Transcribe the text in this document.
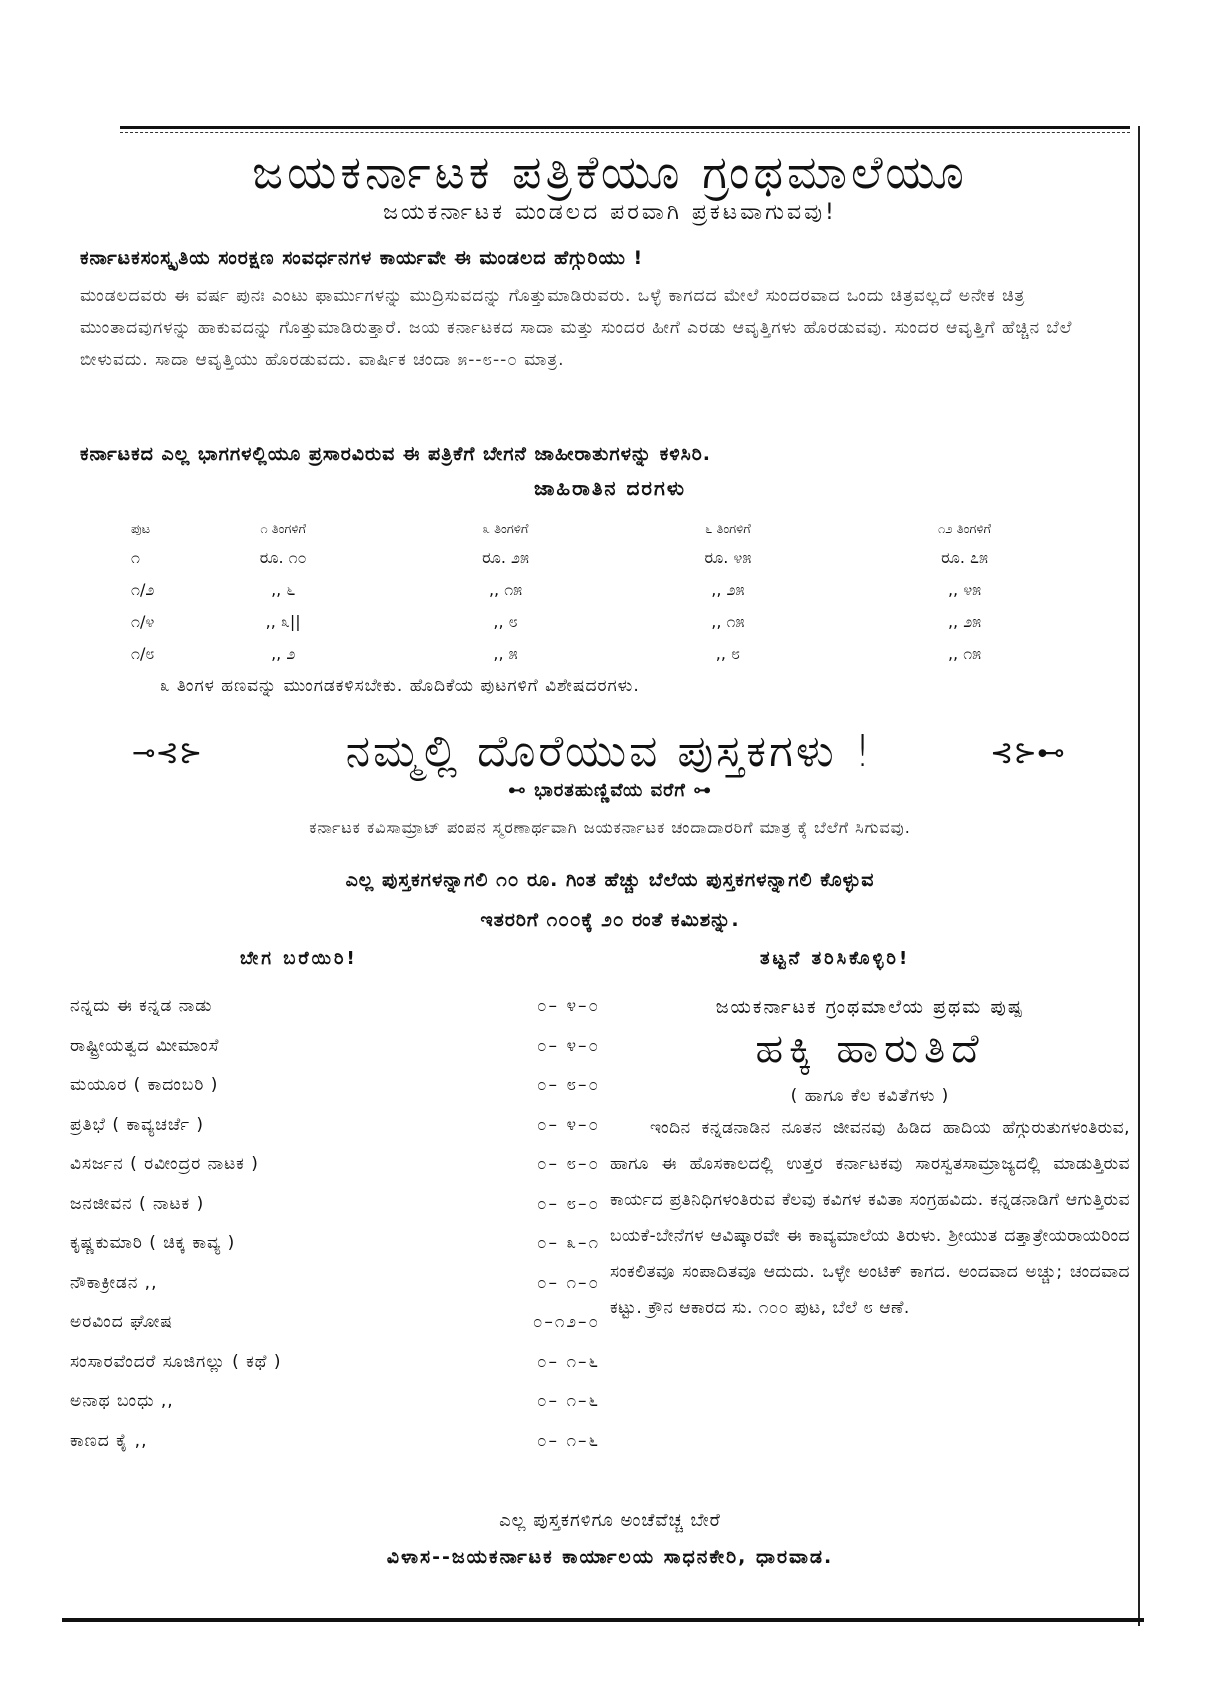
ಜಯಕರ್ನಾಟಕ ಪತ್ರಿಕೆಯೂ ಗ್ರಂಥಮಾಲೆಯೂ
ಜಯಕರ್ನಾಟಕ ಮಂಡಲದ ಪರವಾಗಿ ಪ್ರಕಟವಾಗುವವು!
ಕರ್ನಾಟಕಸಂಸ್ಕೃತಿಯ ಸಂರಕ್ಷಣ ಸಂವರ್ಧನಗಳ ಕಾರ್ಯವೇ ಈ ಮಂಡಲದ ಹೆಗ್ಗುರಿಯು !
ಮಂಡಲದವರು ಈ ವರ್ಷ ಪುನಃ ಎಂಟು ಫಾರ್ಮುಗಳನ್ನು ಮುದ್ರಿಸುವದನ್ನು ಗೊತ್ತುಮಾಡಿರುವರು. ಒಳ್ಳೆ ಕಾಗದದ ಮೇಲೆ ಸುಂದರವಾದ ಒಂದು ಚಿತ್ರವಲ್ಲದೆ ಅನೇಕ ಚಿತ್ರ ಮುಂತಾದವುಗಳನ್ನು ಹಾಕುವದನ್ನು ಗೊತ್ತುಮಾಡಿರುತ್ತಾರೆ. ಜಯ ಕರ್ನಾಟಕದ ಸಾದಾ ಮತ್ತು ಸುಂದರ ಹೀಗೆ ಎರಡು ಆವೃತ್ತಿಗಳು ಹೊರಡುವವು. ಸುಂದರ ಆವೃತ್ತಿಗೆ ಹೆಚ್ಚಿನ ಬೆಲೆ ಬೀಳುವದು. ಸಾದಾ ಆವೃತ್ತಿಯು ಹೊರಡುವದು. ವಾರ್ಷಿಕ ಚಂದಾ ೫--೮--೦ ಮಾತ್ರ.
ಕರ್ನಾಟಕದ ಎಲ್ಲ ಭಾಗಗಳಲ್ಲಿಯೂ ಪ್ರಸಾರವಿರುವ ಈ ಪತ್ರಿಕೆಗೆ ಬೇಗನೆ ಜಾಹೀರಾತುಗಳನ್ನು ಕಳಿಸಿರಿ.
ಜಾಹಿರಾತಿನ ದರಗಳು
ಪುಟ	೧ ತಿಂಗಳಿಗೆ	೩ ತಿಂಗಳಿಗೆ	೬ ತಿಂಗಳಿಗೆ	೧೨ ತಿಂಗಳಿಗೆ
೧	ರೂ. ೧೦	ರೂ. ೨೫	ರೂ. ೪೫	ರೂ. ೭೫
೧/೨	,, ೬	,, ೧೫	,, ೨೫	,, ೪೫
೧/೪	,, ೩||	,, ೮	,, ೧೫	,, ೨೫
೧/೮	,, ೨	,, ೫	,, ೮	,, ೧೫
೩ ತಿಂಗಳ ಹಣವನ್ನು ಮುಂಗಡಕಳಿಸಬೇಕು. ಹೊದಿಕೆಯ ಪುಟಗಳಿಗೆ ವಿಶೇಷದರಗಳು.
⊸⊰⊱	ನಮ್ಮಲ್ಲಿ ದೊರೆಯುವ ಪುಸ್ತಕಗಳು !	⊰⊱⊷
⊷ ಭಾರತಹುಣ್ಣಿವೆಯ ವರೆಗೆ ⊶
ಕರ್ನಾಟಕ ಕವಿಸಾಮ್ರಾಟ್ ಪಂಪನ ಸ್ಮರಣಾರ್ಥವಾಗಿ ಜಯಕರ್ನಾಟಕ ಚಂದಾದಾರರಿಗೆ ಮಾತ್ರ ಕ್ಕೆ ಬೆಲೆಗೆ ಸಿಗುವವು.
ಎಲ್ಲ ಪುಸ್ತಕಗಳನ್ನಾಗಲಿ ೧೦ ರೂ. ಗಿಂತ ಹೆಚ್ಚು ಬೆಲೆಯ ಪುಸ್ತಕಗಳನ್ನಾಗಲಿ ಕೊಳ್ಳುವ
ಇತರರಿಗೆ ೧೦೦ಕ್ಕೆ ೨೦ ರಂತೆ ಕಮಿಶನ್ನು.
ಬೇಗ ಬರೆಯಿರಿ!	ತಟ್ಟನೆ ತರಿಸಿಕೊಳ್ಳಿರಿ!
ನನ್ನದು ಈ ಕನ್ನಡ ನಾಡು	೦– ೪–೦
ರಾಷ್ಟ್ರೀಯತ್ವದ ಮೀಮಾಂಸೆ	೦– ೪–೦
ಮಯೂರ ( ಕಾದಂಬರಿ )	೦– ೮–೦
ಪ್ರತಿಭೆ ( ಕಾವ್ಯಚರ್ಚೆ )	೦– ೪–೦
ವಿಸರ್ಜನ ( ರವೀಂದ್ರರ ನಾಟಕ )	೦– ೮–೦
ಜನಜೀವನ ( ನಾಟಕ )	೦– ೮–೦
ಕೃಷ್ಣಕುಮಾರಿ ( ಚಿಕ್ಕ ಕಾವ್ಯ )	೦– ೩–೧
ನೌಕಾಕ್ರೀಡನ ,,	೦– ೧–೦
ಅರವಿಂದ ಘೋಷ	೦–೧೨–೦
ಸಂಸಾರವೆಂದರೆ ಸೂಜಿಗಲ್ಲು ( ಕಥೆ )	೦– ೧–೬
ಅನಾಥ ಬಂಧು ,,	೦– ೧–೬
ಕಾಣದ ಕೈ ,,	೦– ೧–೬
ಜಯಕರ್ನಾಟಕ ಗ್ರಂಥಮಾಲೆಯ ಪ್ರಥಮ ಪುಷ್ಪ
ಹಕ್ಕಿ ಹಾರುತಿದೆ
( ಹಾಗೂ ಕೆಲ ಕವಿತೆಗಳು )
ಇಂದಿನ ಕನ್ನಡನಾಡಿನ ನೂತನ ಜೀವನವು ಹಿಡಿದ ಹಾದಿಯ ಹೆಗ್ಗುರುತುಗಳಂತಿರುವ, ಹಾಗೂ ಈ ಹೊಸಕಾಲದಲ್ಲಿ ಉತ್ತರ ಕರ್ನಾಟಕವು ಸಾರಸ್ವತಸಾಮ್ರಾಜ್ಯದಲ್ಲಿ ಮಾಡುತ್ತಿರುವ ಕಾರ್ಯದ ಪ್ರತಿನಿಧಿಗಳಂತಿರುವ ಕೆಲವು ಕವಿಗಳ ಕವಿತಾ ಸಂಗ್ರಹವಿದು. ಕನ್ನಡನಾಡಿಗೆ ಆಗುತ್ತಿರುವ ಬಯಕೆ-ಬೇನೆಗಳ ಆವಿಷ್ಕಾರವೇ ಈ ಕಾವ್ಯಮಾಲೆಯ ತಿರುಳು. ಶ್ರೀಯುತ ದತ್ತಾತ್ರೇಯರಾಯರಿಂದ ಸಂಕಲಿತವೂ ಸಂಪಾದಿತವೂ ಆದುದು. ಒಳ್ಳೇ ಅಂಟಿಕ್ ಕಾಗದ. ಅಂದವಾದ ಅಚ್ಚು; ಚಂದವಾದ ಕಟ್ಟು. ಕ್ರೌನ ಆಕಾರದ ಸು. ೧೦೦ ಪುಟ, ಬೆಲೆ ೮ ಆಣೆ.
ಎಲ್ಲ ಪುಸ್ತಕಗಳಿಗೂ ಅಂಚೆವೆಚ್ಚ ಬೇರೆ
ವಿಳಾಸ--ಜಯಕರ್ನಾಟಕ ಕಾರ್ಯಾಲಯ ಸಾಧನಕೇರಿ, ಧಾರವಾಡ.
